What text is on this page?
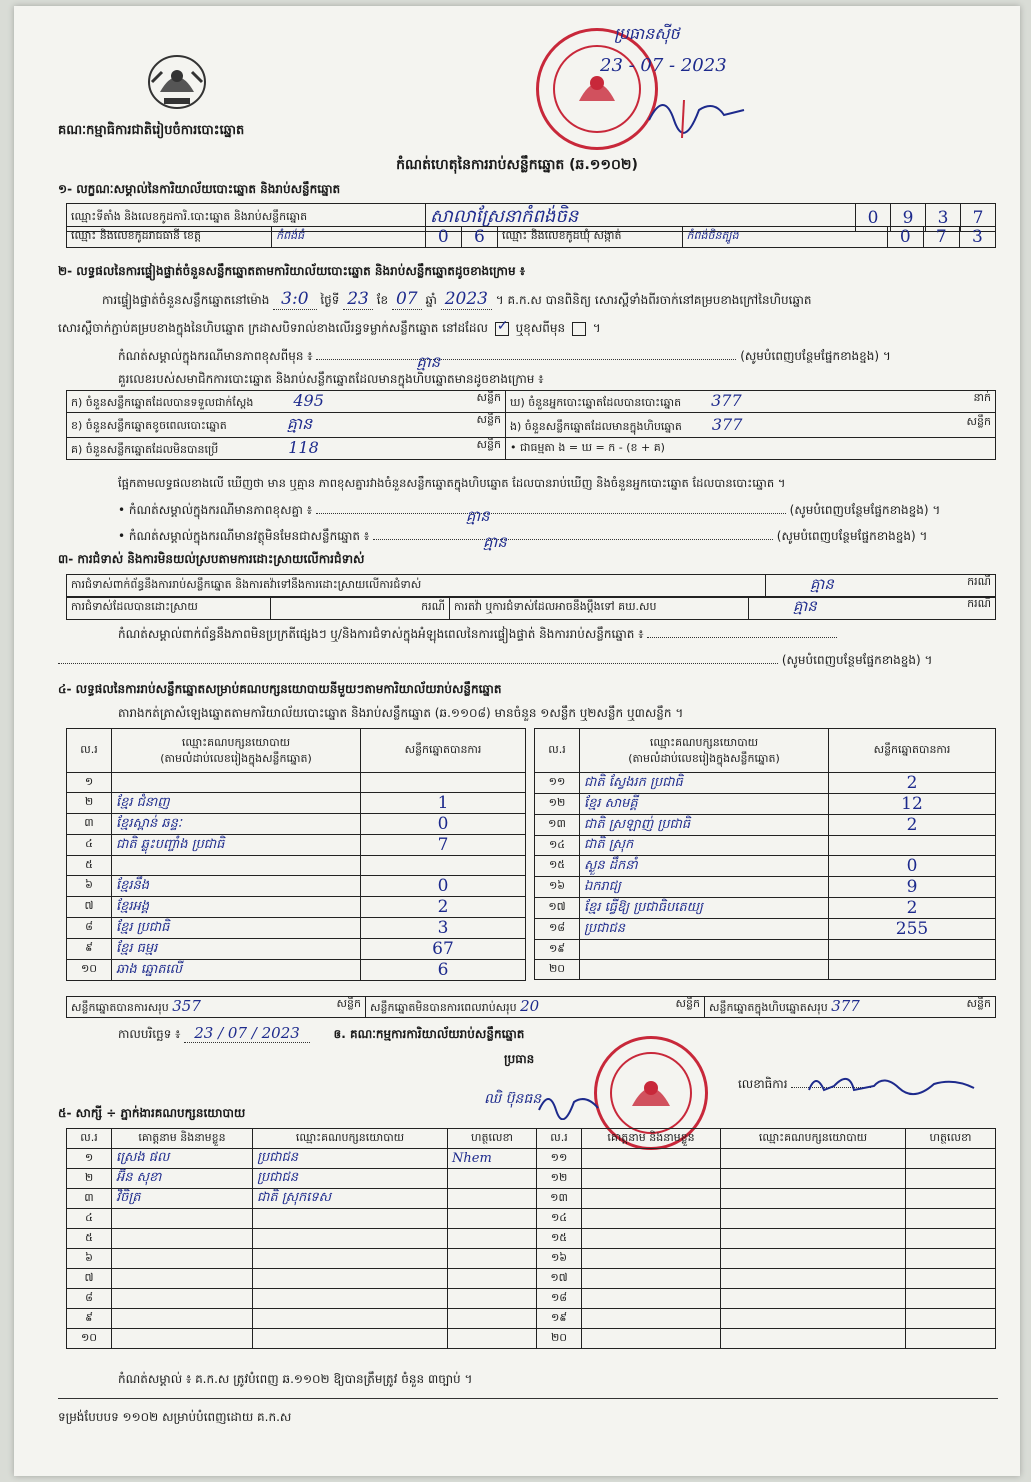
គណៈកម្មាធិការជាតិរៀបចំការបោះឆ្នោត
ប្រធានស៊ីថ
23 - 07 - 2023
កំណត់ហេតុនៃការរាប់សន្លឹកឆ្នោត (ឆ.១១០២)
១- លក្ខណៈសម្គាល់នៃការិយាល័យបោះឆ្នោត និងរាប់សន្លឹកឆ្នោត
ឈ្មោះទីតាំង និងលេខកូដការិ.បោះឆ្នោត និងរាប់សន្លឹកឆ្នោត	សាលាស្រែនាកំពង់ចិន	0	9	3	7
ឈ្មោះ និងលេខកូដរាជធានី ខេត្ត	កំពង់ធំ	0	6	ឈ្មោះ និងលេខកូដឃុំ សង្កាត់	កំពង់ចិនត្បូង	0	7	3
២- លទ្ធផលនៃការផ្ទៀងផ្ទាត់ចំនួនសន្លឹកឆ្នោតតាមការិយាល័យបោះឆ្នោត និងរាប់សន្លឹកឆ្នោតដូចខាងក្រោម ៖
ការផ្ទៀងផ្ទាត់ចំនួនសន្លឹកឆ្នោតនៅម៉ោង 3:0 ថ្ងៃទី 23 ខែ 07 ឆ្នាំ 2023 ។ គ.ក.ស បានពិនិត្យ សោរស្ពឺទាំងពីរចាក់នៅគម្របខាងក្រៅនៃហិបឆ្នោត
សោរស្ពឺចាក់ភ្ជាប់គម្របខាងក្នុងនៃហិបឆ្នោត ក្រដាសបិទរាល់ខាងលើរន្ធទម្លាក់សន្លឹកឆ្នោត នៅដដែល ✓ ឬខុសពីមុន  ។
កំណត់សម្គាល់ក្នុងករណីមានភាពខុសពីមុន ៖	គ្មាន	(សូមបំពេញបន្ថែមផ្នែកខាងខ្នង) ។
គួរលេខរបស់សមាជិកការបោះឆ្នោត និងរាប់សន្លឹកឆ្នោតដែលមានក្នុងហិបឆ្នោតមានដូចខាងក្រោម ៖
ក) ចំនួនសន្លឹកឆ្នោតដែលបានទទួលជាក់ស្តែង 495 សន្លឹក	ឃ) ចំនួនអ្នកបោះឆ្នោតដែលបានបោះឆ្នោត 377 នាក់

ខ) ចំនួនសន្លឹកឆ្នោតខូចពេលបោះឆ្នោត គ្មាន សន្លឹក	ង) ចំនួនសន្លឹកឆ្នោតដែលមានក្នុងហិបឆ្នោត 377 សន្លឹក

គ) ចំនួនសន្លឹកឆ្នោតដែលមិនបានប្រើ 118 សន្លឹក	• ជាធម្មតា ង = ឃ = ក - (ខ + គ)
ផ្អែកតាមលទ្ធផលខាងលើ ឃើញថា មាន ឬគ្មាន ភាពខុសគ្នារវាងចំនួនសន្លឹកឆ្នោតក្នុងហិបឆ្នោត ដែលបានរាប់ឃើញ និងចំនួនអ្នកបោះឆ្នោត ដែលបានបោះឆ្នោត ។
• កំណត់សម្គាល់ក្នុងករណីមានភាពខុសគ្នា ៖	គ្មាន	(សូមបំពេញបន្ថែមផ្នែកខាងខ្នង) ។
• កំណត់សម្គាល់ក្នុងករណីមានវត្ថុមិនមែនជាសន្លឹកឆ្នោត ៖	គ្មាន	(សូមបំពេញបន្ថែមផ្នែកខាងខ្នង) ។
៣- ការជំទាស់ និងការមិនយល់ស្របតាមការដោះស្រាយលើការជំទាស់
ការជំទាស់ពាក់ព័ន្ធនឹងការរាប់សន្លឹកឆ្នោត និងការតវ៉ាទៅនឹងការដោះស្រាយលើការជំទាស់	គ្មាន	ករណី
ការជំទាស់ដែលបានដោះស្រាយ	ករណី	ការតវ៉ា ឬការជំទាស់ដែលអាចនឹងប្តឹងទៅ គឃ.សប	គ្មាន	ករណី
កំណត់សម្គាល់ពាក់ព័ន្ធនឹងភាពមិនប្រក្រតីផ្សេងៗ ឬ/និងការជំទាស់ក្នុងអំឡុងពេលនៃការផ្ទៀងផ្ទាត់ និងការរាប់សន្លឹកឆ្នោត ៖
(សូមបំពេញបន្ថែមផ្នែកខាងខ្នង) ។
៤- លទ្ធផលនៃការរាប់សន្លឹកឆ្នោតសម្រាប់គណបក្សនយោបាយនីមួយៗតាមការិយាល័យរាប់សន្លឹកឆ្នោត
តារាងកត់ត្រាសំឡេងឆ្នោតតាមការិយាល័យបោះឆ្នោត និងរាប់សន្លឹកឆ្នោត (ឆ.១១០៨) មានចំនួន ១សន្លឹក ឬ២សន្លឹក ឬ៣សន្លឹក ។
ល.រ	ឈ្មោះគណបក្សនយោបាយ
(តាមលំដាប់លេខរៀងក្នុងសន្លឹកឆ្នោត)	សន្លឹកឆ្នោតបានការ
១		
២	ខ្មែរ ជំនាញ	1
៣	ខ្មែរស្ពាន់ ឆន្ទៈ	0
៤	ជាតិ ឆ្លុះបញ្ចាំង ប្រជាធិ	7
៥		
៦	ខ្មែរនឹង	0
៧	ខ្មែរអង្គ	2
៨	ខ្មែរ ប្រជាធិ	3
៩	ខ្មែរ ធម្មរ	67
១០	ឆាង ឆ្នោតលើ	6
ល.រ	ឈ្មោះគណបក្សនយោបាយ
(តាមលំដាប់លេខរៀងក្នុងសន្លឹកឆ្នោត)	សន្លឹកឆ្នោតបានការ
១១	ជាតិ ស្វែងរក ប្រជាធិ	2
១២	ខ្មែរ សាមគ្គី	12
១៣	ជាតិ ស្រឡាញ់ ប្រជាធិ	2
១៤	ជាតិ ស្រុក	
១៥	ស្ងួន ដឹកនាំ	0
១៦	ឯករាជ្យ	9
១៧	ខ្មែរ ធ្វើឱ្យ ប្រជាធិបតេយ្យ	2
១៨	ប្រជាជន	255
១៩		
២០		
សន្លឹកឆ្នោតបានការសរុប 357	សន្លឹក	សន្លឹកឆ្នោតមិនបានការពេលរាប់សរុប 20	សន្លឹក	សន្លឹកឆ្នោតក្នុងហិបឆ្នោតសរុប 377	សន្លឹក
កាលបរិច្ឆេទ ៖ 23 / 07 / 2023	ឲ. គណៈកម្មការការិយាល័យរាប់សន្លឹកឆ្នោត
ប្រធាន
ឈិ ប៊ុនធន
លេខាធិការ
៥- សាក្សី ÷ ភ្នាក់ងារគណបក្សនយោបាយ
ល.រ	គោត្តនាម និងនាមខ្លួន	ឈ្មោះគណបក្សនយោបាយ	ហត្ថលេខា	ល.រ	គោត្តនាម និងនាមខ្លួន	ឈ្មោះគណបក្សនយោបាយ	ហត្ថលេខា
១	ស្រេង ផល	ប្រជាជន	Nhem	១១			
២	អ៊ិន សុខា	ប្រជាជន		១២			
៣	វិចិត្រ	ជាតិ ស្រុកទេស		១៣			
៤				១៤			
៥				១៥			
៦				១៦			
៧				១៧			
៨				១៨			
៩				១៩			
១០				២០			
កំណត់សម្គាល់ ៖ គ.ក.ស ត្រូវបំពេញ ឆ.១១០២ ឱ្យបានត្រឹមត្រូវ ចំនួន ៣ច្បាប់ ។
ទម្រង់បែបបទ ១១០២ សម្រាប់បំពេញដោយ គ.ក.ស
